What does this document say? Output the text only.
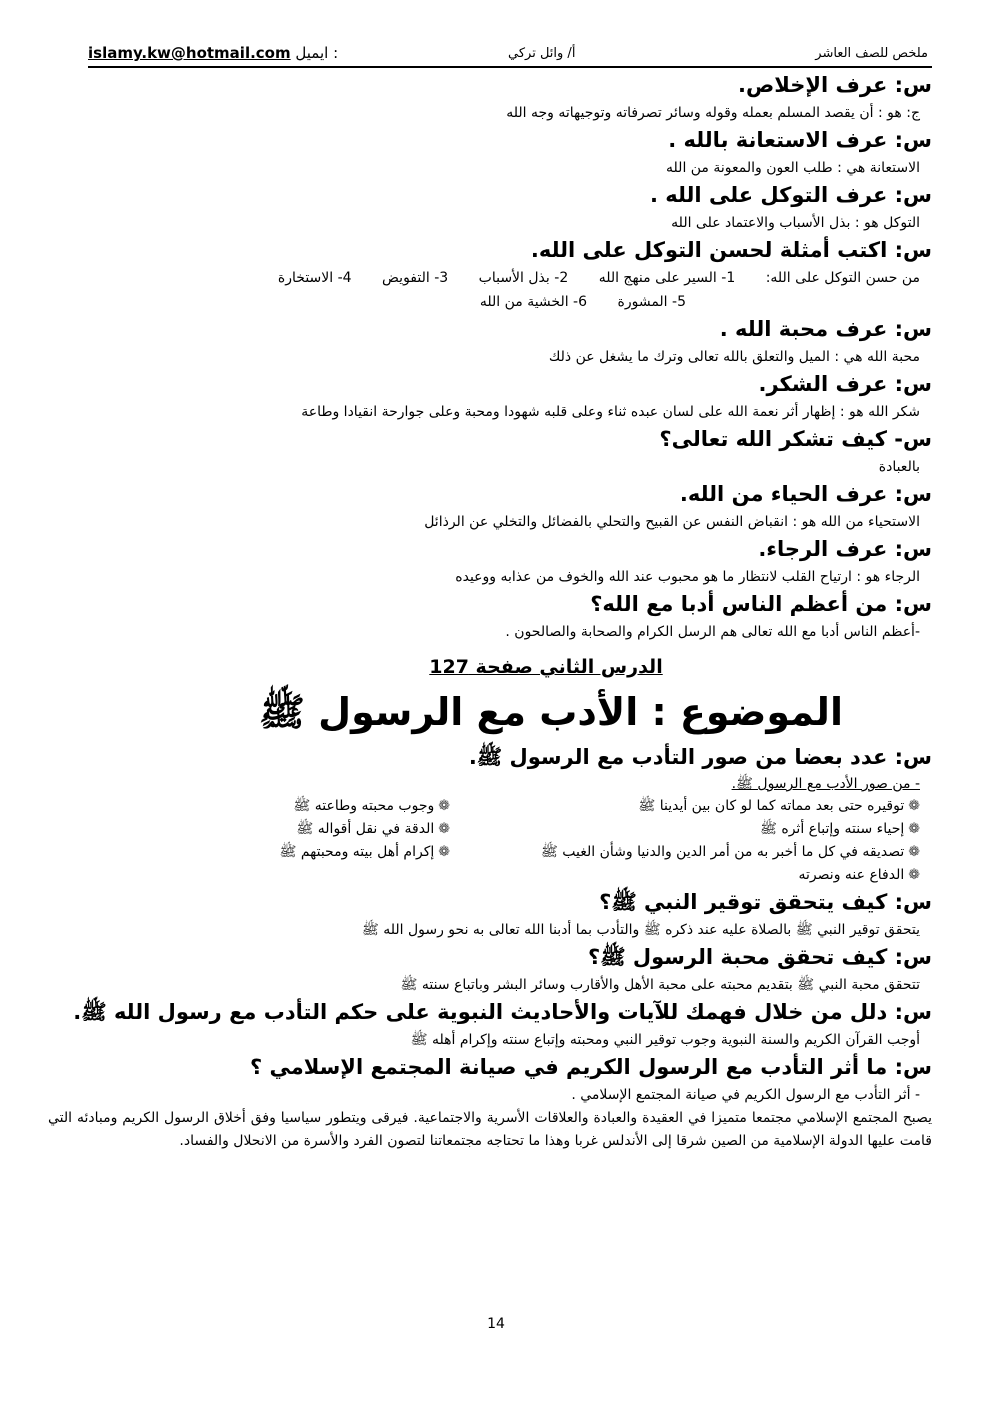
ملخص للصف العاشر
أ/ وائل تركي
islamy.kw@hotmail.com ايميل :

س: عرف الإخلاص.

ج: هو : أن يقصد المسلم بعمله وقوله وسائر تصرفاته وتوجيهاته وجه الله

س: عرف الاستعانة بالله .

الاستعانة هي : طلب العون والمعونة من الله

س: عرف التوكل على الله .

التوكل هو : بذل الأسباب والاعتماد على الله

س: اكتب أمثلة لحسن التوكل على الله.

من حسن التوكل على الله: 1- السير على منهج الله 2- بذل الأسباب 3- التفويض 4- الاستخارة

5- المشورة 6- الخشية من الله

س: عرف محبة الله .

محبة الله هي : الميل والتعلق بالله تعالى وترك ما يشغل عن ذلك

س: عرف الشكر.

شكر الله هو : إظهار أثر نعمة الله على لسان عبده ثناء وعلى قلبه شهودا ومحبة وعلى جوارحة انقيادا وطاعة

س- كيف تشكر الله تعالى؟

بالعبادة

س: عرف الحياء من الله.

الاستحياء من الله هو : انقباض النفس عن القبيح والتحلي بالفضائل والتخلي عن الرذائل

س: عرف الرجاء.

الرجاء هو : ارتياح القلب لانتظار ما هو محبوب عند الله والخوف من عذابه ووعيده

س: من أعظم الناس أدبا مع الله؟

-أعظم الناس أدبا مع الله تعالى هم الرسل الكرام والصحابة والصالحون .

الدرس الثاني صفحة 127

الموضوع : الأدب مع الرسول ﷺ

س: عدد بعضا من صور التأدب مع الرسول ﷺ.

- من صور الأدب مع الرسول ﷺ.

❁توقيره حتى بعد مماته كما لو كان بين أيدينا ﷺ
❁إحياء سنته وإتباع أثره ﷺ
❁تصديقه في كل ما أخبر به من أمر الدين والدنيا وشأن الغيب ﷺ
❁الدفاع عنه ونصرته
❁وجوب محبته وطاعته ﷺ
❁الدقة في نقل أقواله ﷺ
❁إكرام أهل بيته ومحبتهم ﷺ

س: كيف يتحقق توقير النبي ﷺ؟

يتحقق توقير النبي ﷺ بالصلاة عليه عند ذكره ﷺ والتأدب بما أدبنا الله تعالى به نحو رسول الله ﷺ

س: كيف تحقق محبة الرسول ﷺ؟

تتحقق محبة النبي ﷺ بتقديم محبته على محبة الأهل والأقارب وسائر البشر وباتباع سنته ﷺ

س: دلل من خلال فهمك للآيات والأحاديث النبوية على حكم التأدب مع رسول الله ﷺ.

أوجب القرآن الكريم والسنة النبوية وجوب توقير النبي ومحبته وإتباع سنته وإكرام أهله ﷺ

س: ما أثر التأدب مع الرسول الكريم في صيانة المجتمع الإسلامي ؟

- أثر التأدب مع الرسول الكريم في صيانة المجتمع الإسلامي .

يصبح المجتمع الإسلامي مجتمعا متميزا في العقيدة والعبادة والعلاقات الأسرية والاجتماعية. فيرقى ويتطور سياسيا وفق أخلاق الرسول الكريم ومبادئه التي قامت عليها الدولة الإسلامية من الصين شرقا إلى الأندلس غربا وهذا ما تحتاجه مجتمعاتنا لتصون الفرد والأسرة من الانحلال والفساد.

14
